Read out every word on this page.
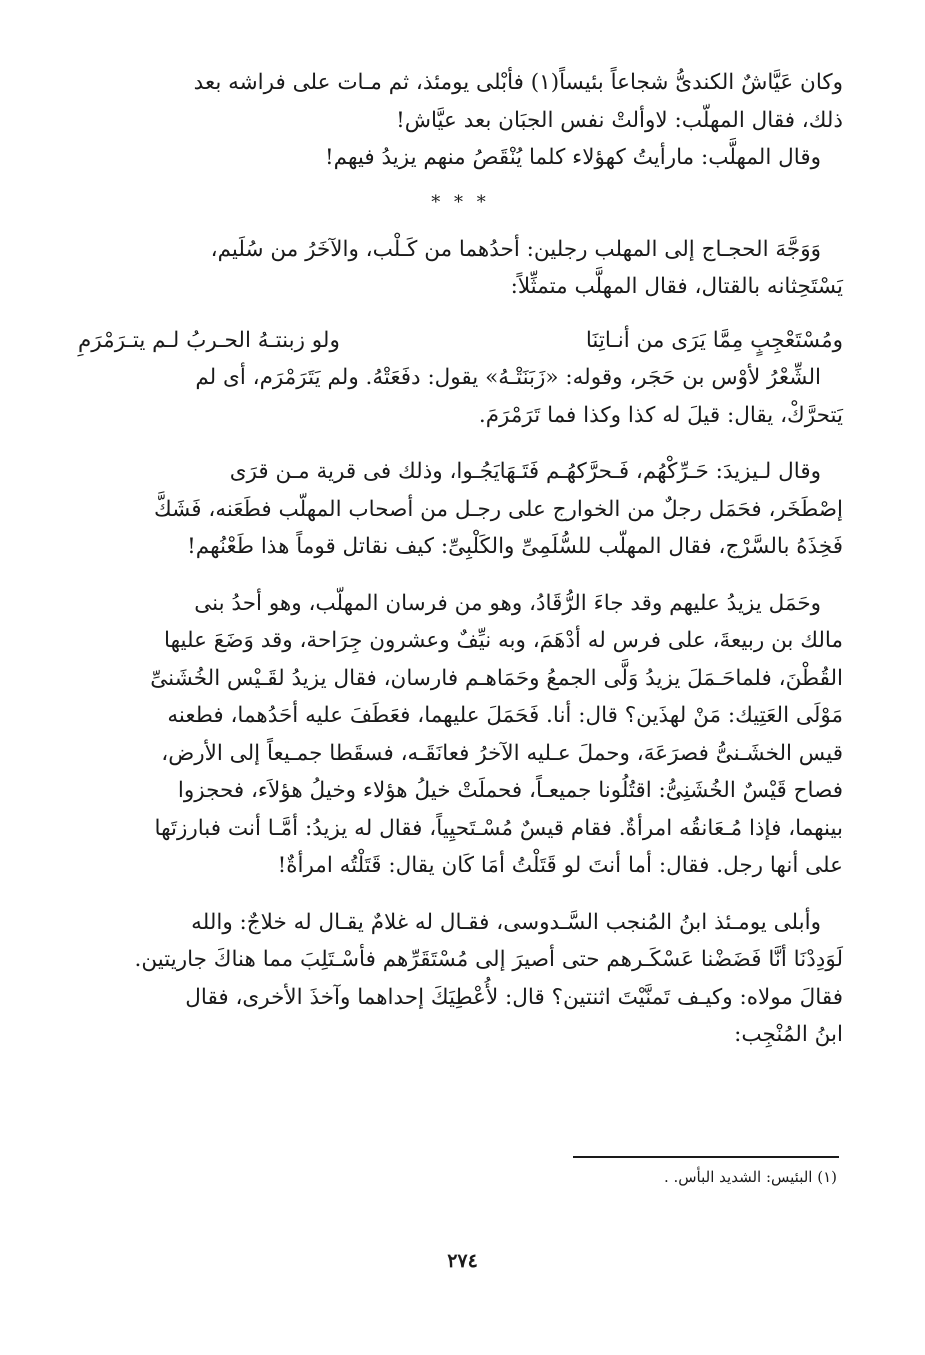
وكان عَيَّاشٌ الكندىُّ شجاعاً بئيساً(١) فأبْلى يومئذ، ثم مـات على فراشه بعد
ذلك، فقال المهلّب: لاوألتْ نفس الجبَان بعد عيَّاش!

وقال المهلَّب: مارأيتُ كهؤلاء كلما يُنْقَصُ منهم يزيدُ فيهم!

* * *

وَوَجَّهَ الحجـاج إلى المهلب رجلين: أحدُهما من كَـلْب، والآخَرُ من سُلَيم،
يَسْتَحِثانه بالقتال، فقال المهلَّب متمثِّلاً:

ومُسْتَعْجِبٍ مِمَّا يَرَى من أنـاتِنَا
ولو زبنتـهُ الحـربُ لـم يتـرَمْرَمِ

الشِّعْرُ لأوْس بن حَجَر، وقوله: «زَبَنَتْـهُ» يقول: دفَعَتْهُ. ولم يَتَرَمْرَم، أى لم
يَتحرَّكْ، يقال: قيلَ له كذا وكذا فما تَرَمْرَمَ.

وقال لـيزيدَ: حَـرِّكْهُم، فَـحرَّكهُـم فَتَـهَايَجُـوا، وذلك فى قرية مـن قرَى
إصْطَخَر، فحَمَل رجلٌ من الخوارج على رجـل من أصحاب المهلّب فطَعَنه، فَشَكَّ
فَخِذَهُ بالسَّرْج، فقال المهلّب للسُّلَمِىِّ والكَلْبِىِّ: كيف نقاتل قوماً هذا طَعْنُهم!

وحَمَل يزيدُ عليهم وقد جاءَ الرُّقَادُ، وهو من فرسان المهلّب، وهو أحدُ بنى
مالك بن ربيعةَ، على فرس له أدْهَمَ، وبه نيِّفٌ وعشرون جِرَاحة، وقد وَضَعَ عليها
القُطْنَ، فلماحَـمَلَ يزيدُ وَلَّى الجمعُ وحَمَاهـم فارسان، فقال يزيدُ لقَـيْس الخُشَنىِّ
مَوْلَى العَتِيك: مَنْ لهذَين؟ قال: أنا. فَحَمَلَ عليهما، فعَطَفَ عليه أحَدُهما، فطعنه
قيس الخشَـنىُّ فصرَعَهَ، وحملَ عـليه الآخرُ فعانَقَـه، فسقَطا جمـيعاً إلى الأرض،
فصاح قَيْسٌ الخُشَنِىُّ: اقتُلُونا جميعـاً، فحملَتْ خيلُ هؤلاء وخيلُ هؤلاَء، فحجزوا
بينهما، فإذا مُـعَانقُه امرأةٌ. فقام قيسٌ مُسْـتَحيِياً، فقال له يزيدُ: أمَّـا أنت فبارزتَها
على أنها رجل. فقال: أما أنتَ لو قَتَلْتُ أمَا كَان يقال: قَتَلْتُه امرأةٌ!

وأبلى يومـئذ ابنُ المُنجب السَّـدوسى، فقـال له غلامٌ يقـال له خلاجٌ: والله
لَوَدِدْنَا أنَّا فَضَضْنا عَسْكَـرهم حتى أصيرَ إلى مُسْتَقَرِّهم فأسْـتَلِبَ مما هناكَ جاريتين.
فقالَ مولاه: وكيـف تَمنَّيْتَ اثنتين؟ قال: لأُعْطِيَكَ إحداهما وآخذَ الأخرى، فقال
ابنُ المُنْجِب:

(١) البئيس: الشديد البأس. .
٢٧٤
